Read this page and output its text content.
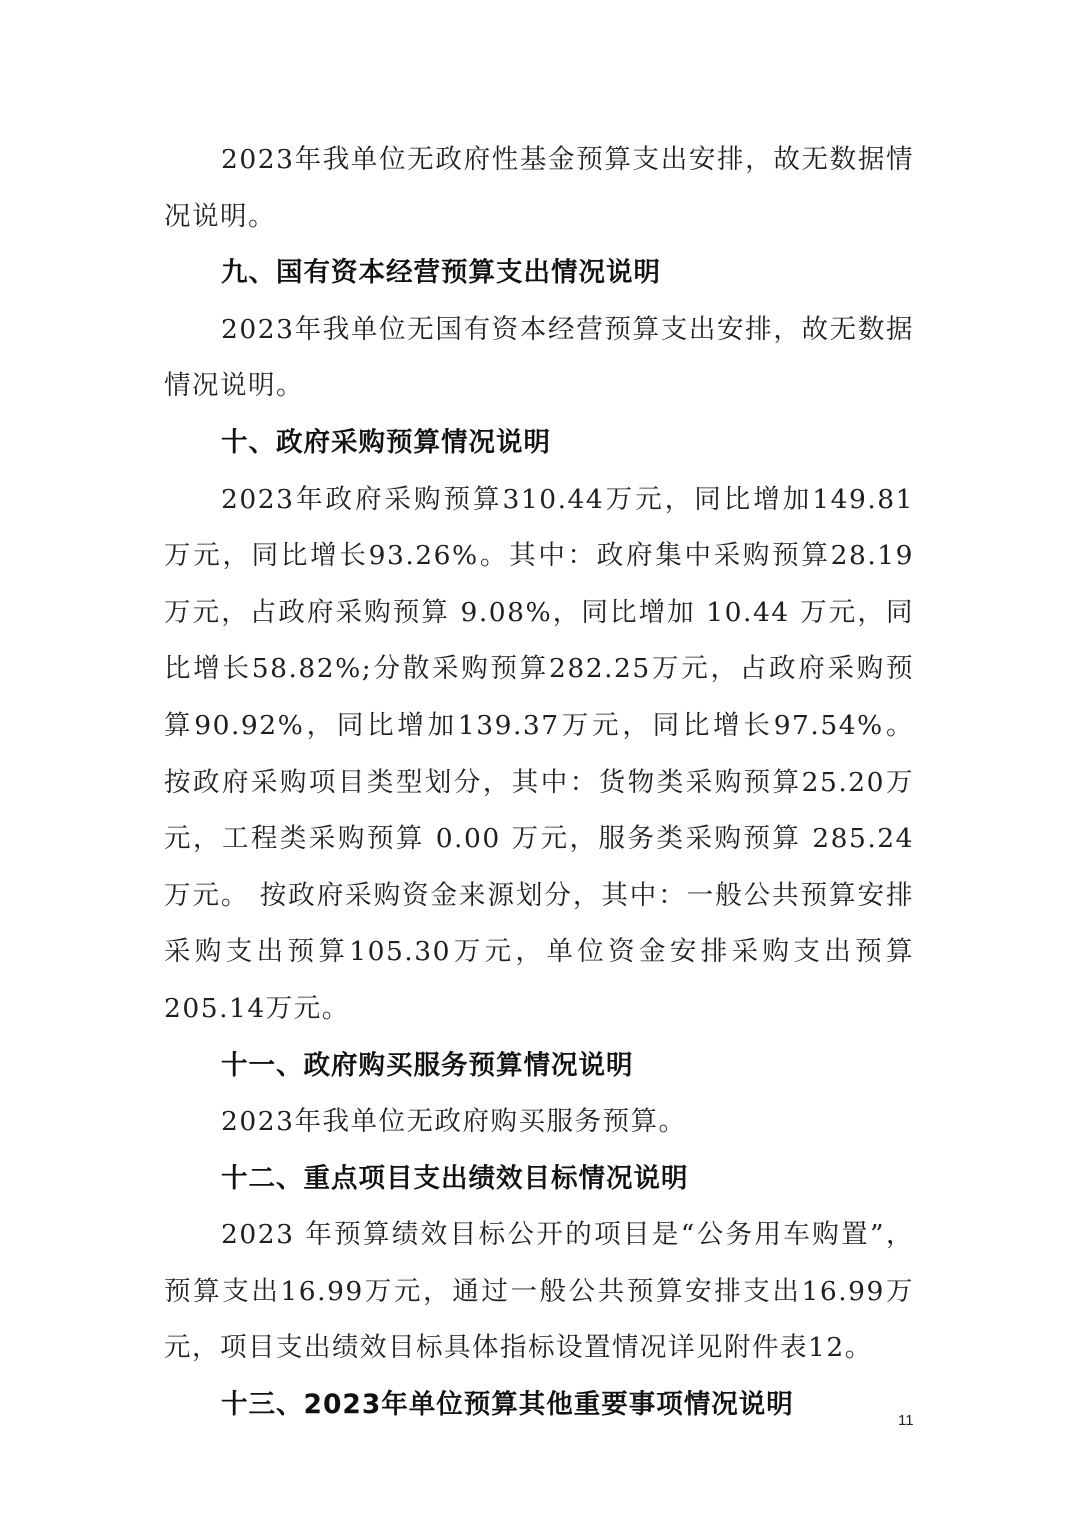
2023年我单位无政府性基金预算支出安排，故无数据情况说明。

九、国有资本经营预算支出情况说明

2023年我单位无国有资本经营预算支出安排，故无数据情况说明。

十、政府采购预算情况说明

2023年政府采购预算310.44万元，同比增加149.81万元，同比增长93.26%。其中：政府集中采购预算28.19万元，占政府采购预算 9.08%，同比增加 10.44 万元，同比增长58.82%;分散采购预算282.25万元，占政府采购预算90.92%，同比增加139.37万元，同比增长97.54%。 按政府采购项目类型划分，其中：货物类采购预算25.20万元，工程类采购预算 0.00 万元，服务类采购预算 285.24 万元。 按政府采购资金来源划分，其中：一般公共预算安排采购支出预算105.30万元，单位资金安排采购支出预算205.14万元。

十一、政府购买服务预算情况说明

2023年我单位无政府购买服务预算。

十二、重点项目支出绩效目标情况说明

2023 年预算绩效目标公开的项目是“公务用车购置”，预算支出16.99万元，通过一般公共预算安排支出16.99万元，项目支出绩效目标具体指标设置情况详见附件表12。

十三、2023年单位预算其他重要事项情况说明

11
